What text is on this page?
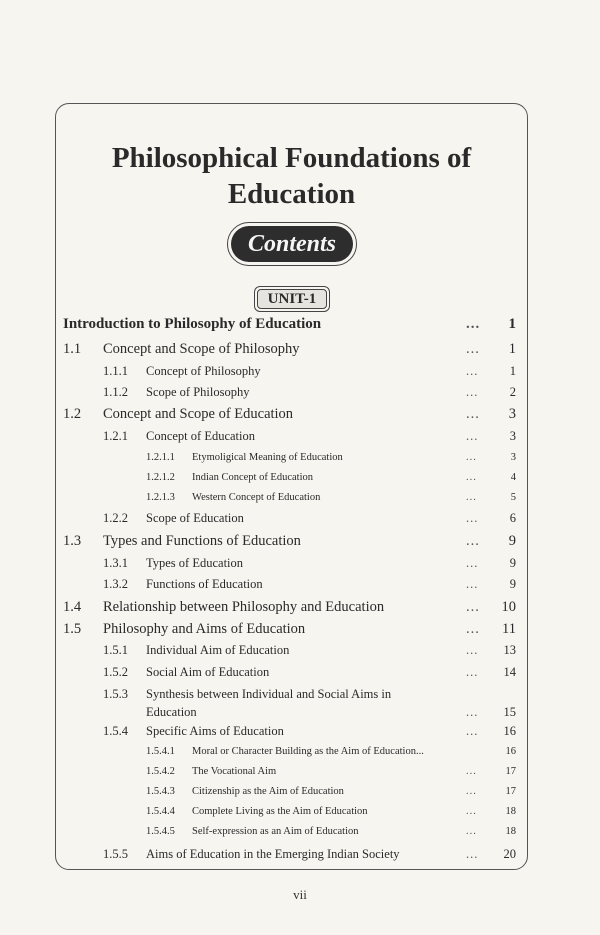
Philosophical Foundations of
Education
Contents
UNIT-1
Introduction to Philosophy of Education	... 1
1.1 Concept and Scope of Philosophy	... 1
1.1.1 Concept of Philosophy	...	1
1.1.2 Scope of Philosophy	...	2
1.2 Concept and Scope of Education	... 3
1.2.1 Concept of Education	...	3
1.2.1.1 Etymoligical Meaning of Education	...	3
1.2.1.2 Indian Concept of Education	...	4
1.2.1.3 Western Concept of Education	...	5
1.2.2 Scope of Education	...	6
1.3 Types and Functions of Education	... 9
1.3.1 Types of Education	...	9
1.3.2 Functions of Education	...	9
1.4 Relationship between Philosophy and Education	... 10
1.5 Philosophy and Aims of Education	... 11
1.5.1 Individual Aim of Education	... 13
1.5.2 Social Aim of Education	... 14
1.5.3 Synthesis between Individual and Social Aims in
Education	... 15
1.5.4 Specific Aims of Education	... 16
1.5.4.1 Moral or Character Building as the Aim of Education...	16
1.5.4.2 The Vocational Aim	...	17
1.5.4.3 Citizenship as the Aim of Education	...	17
1.5.4.4 Complete Living as the Aim of Education	...	18
1.5.4.5 Self-expression as an Aim of Education	...	18
1.5.5 Aims of Education in the Emerging Indian Society	... 20
vii
